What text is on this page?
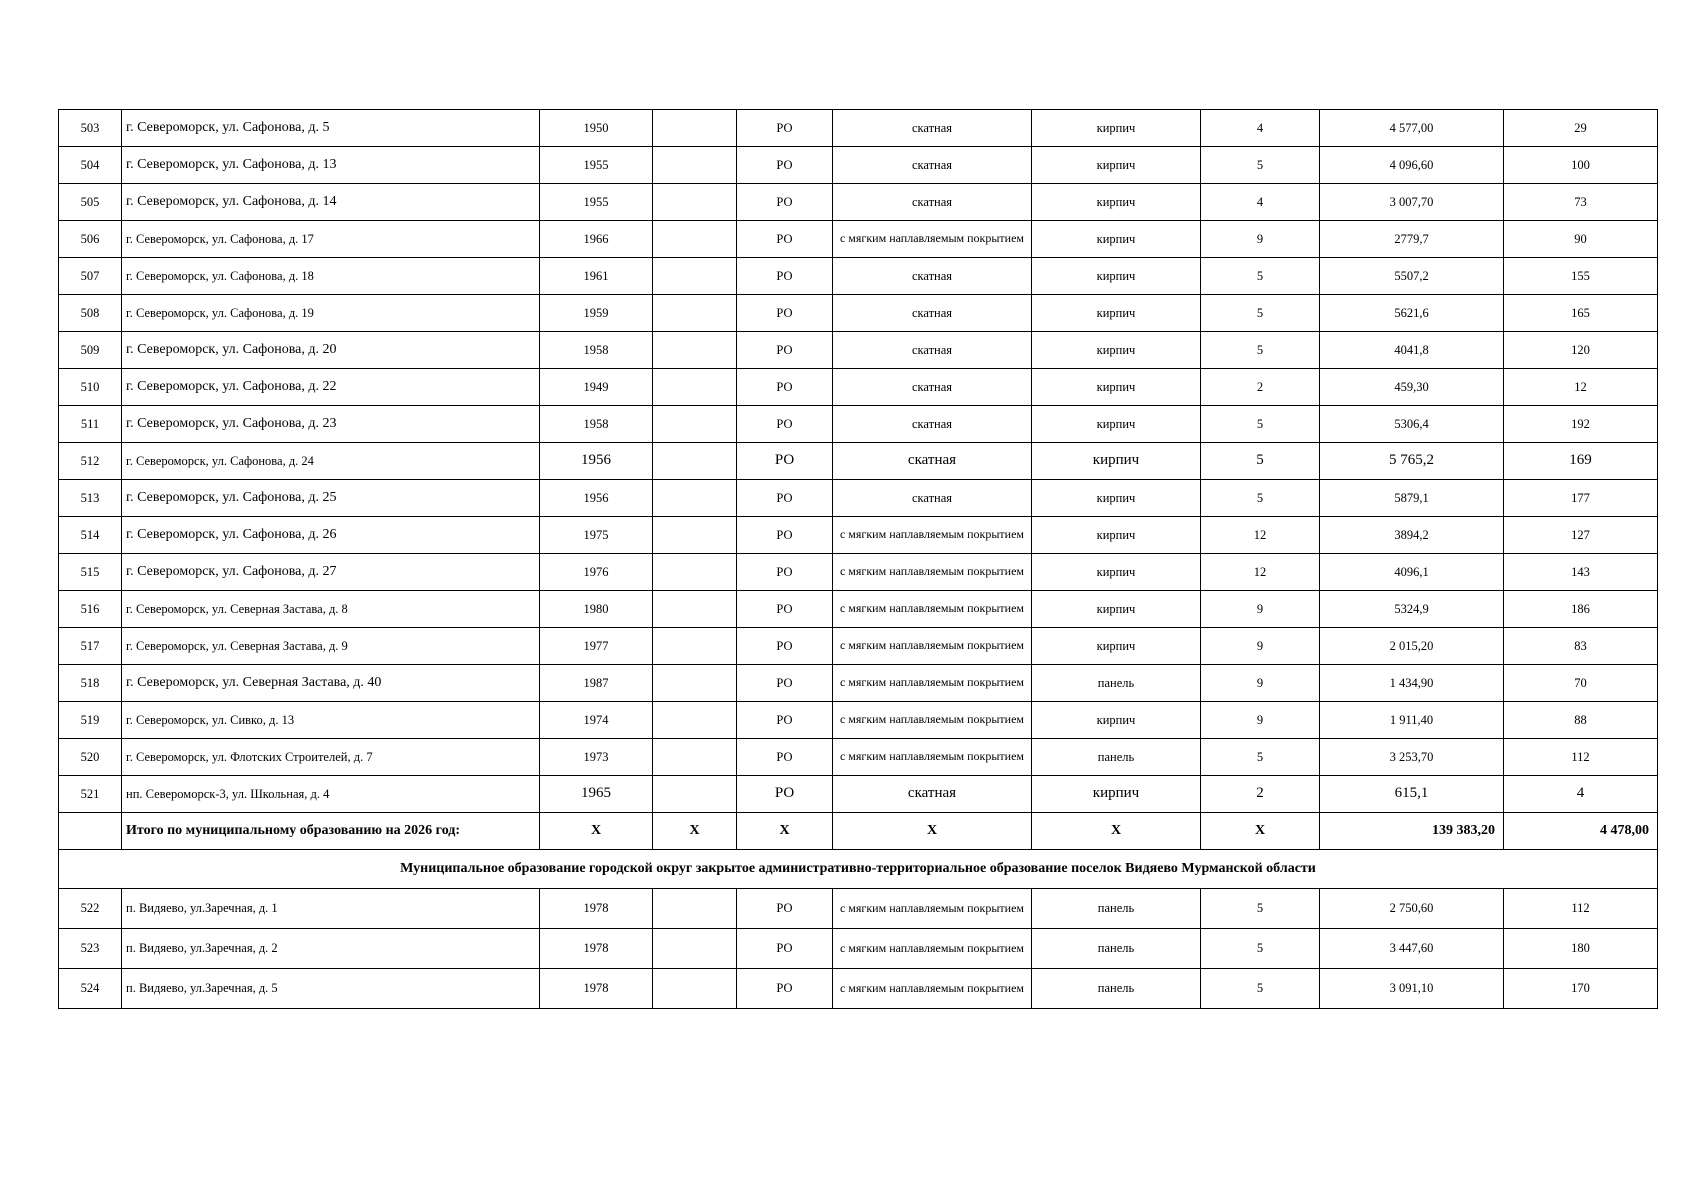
503	г. Североморск, ул. Сафонова, д. 5	1950		РО	скатная	кирпич	4	4 577,00	29
504	г. Североморск, ул. Сафонова, д. 13	1955		РО	скатная	кирпич	5	4 096,60	100
505	г. Североморск, ул. Сафонова, д. 14	1955		РО	скатная	кирпич	4	3 007,70	73
506	г. Североморск, ул. Сафонова, д. 17	1966		РО	с мягким наплавляемым покрытием	кирпич	9	2779,7	90
507	г. Североморск, ул. Сафонова, д. 18	1961		РО	скатная	кирпич	5	5507,2	155
508	г. Североморск, ул. Сафонова, д. 19	1959		РО	скатная	кирпич	5	5621,6	165
509	г. Североморск, ул. Сафонова, д. 20	1958		РО	скатная	кирпич	5	4041,8	120
510	г. Североморск, ул. Сафонова, д. 22	1949		РО	скатная	кирпич	2	459,30	12
511	г. Североморск, ул. Сафонова, д. 23	1958		РО	скатная	кирпич	5	5306,4	192
512	г. Североморск, ул. Сафонова, д. 24	1956		РО	скатная	кирпич	5	5 765,2	169
513	г. Североморск, ул. Сафонова, д. 25	1956		РО	скатная	кирпич	5	5879,1	177
514	г. Североморск, ул. Сафонова, д. 26	1975		РО	с мягким наплавляемым покрытием	кирпич	12	3894,2	127
515	г. Североморск, ул. Сафонова, д. 27	1976		РО	с мягким наплавляемым покрытием	кирпич	12	4096,1	143
516	г. Североморск, ул. Северная Застава, д. 8	1980		РО	с мягким наплавляемым покрытием	кирпич	9	5324,9	186
517	г. Североморск, ул. Северная Застава, д. 9	1977		РО	с мягким наплавляемым покрытием	кирпич	9	2 015,20	83
518	г. Североморск, ул. Северная Застава, д. 40	1987		РО	с мягким наплавляемым покрытием	панель	9	1 434,90	70
519	г. Североморск, ул. Сивко, д. 13	1974		РО	с мягким наплавляемым покрытием	кирпич	9	1 911,40	88
520	г. Североморск, ул. Флотских Строителей, д. 7	1973		РО	с мягким наплавляемым покрытием	панель	5	3 253,70	112
521	нп. Североморск-3, ул. Школьная, д. 4	1965		РО	скатная	кирпич	2	615,1	4
	Итого по муниципальному образованию на 2026 год:	Х	Х	Х	Х	Х	Х	139 383,20	4 478,00
Муниципальное образование городской округ закрытое административно-территориальное образование поселок Видяево Мурманской области									
522	п. Видяево, ул.Заречная, д. 1	1978		РО	с мягким наплавляемым покрытием	панель	5	2 750,60	112
523	п. Видяево, ул.Заречная, д. 2	1978		РО	с мягким наплавляемым покрытием	панель	5	3 447,60	180
524	п. Видяево, ул.Заречная, д. 5	1978		РО	с мягким наплавляемым покрытием	панель	5	3 091,10	170
